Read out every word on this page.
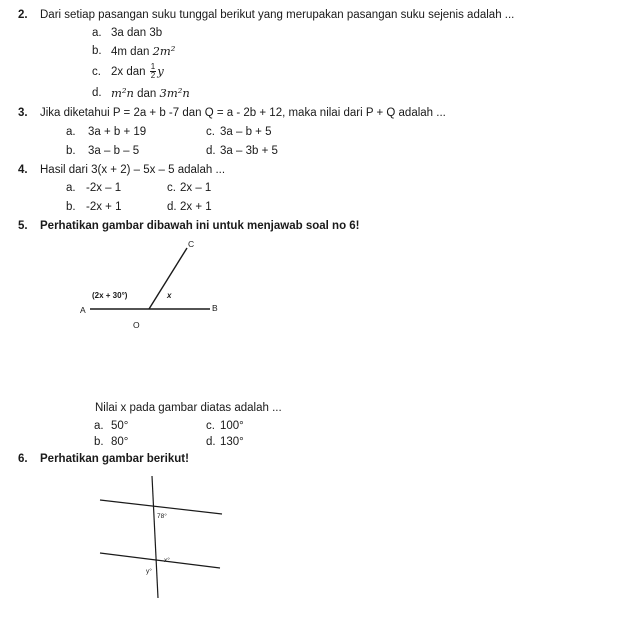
2. Dari setiap pasangan suku tunggal berikut yang merupakan pasangan suku sejenis adalah ...
a. 3a dan 3b
b. 4m dan 2m²
c. 2x dan $\frac{1}{2}$ y
d. m²n dan 3m²n
3. Jika diketahui P = 2a + b -7 dan Q = a - 2b + 12, maka nilai dari P + Q adalah ...
a. 3a + b + 19	c. 3a – b + 5
b. 3a – b – 5	d. 3a – 3b + 5
4. Hasil dari 3(x + 2) – 5x – 5 adalah ...
a. -2x – 1	c. 2x – 1
b. -2x + 1	d. 2x + 1
5. Perhatikan gambar dibawah ini untuk menjawab soal no 6!
C
A	B
O
(2x + 30°)	x
Nilai x pada gambar diatas adalah ...
a. 50°	c. 100°
b. 80°	d. 130°
6. Perhatikan gambar berikut!
78°
x°
y°
